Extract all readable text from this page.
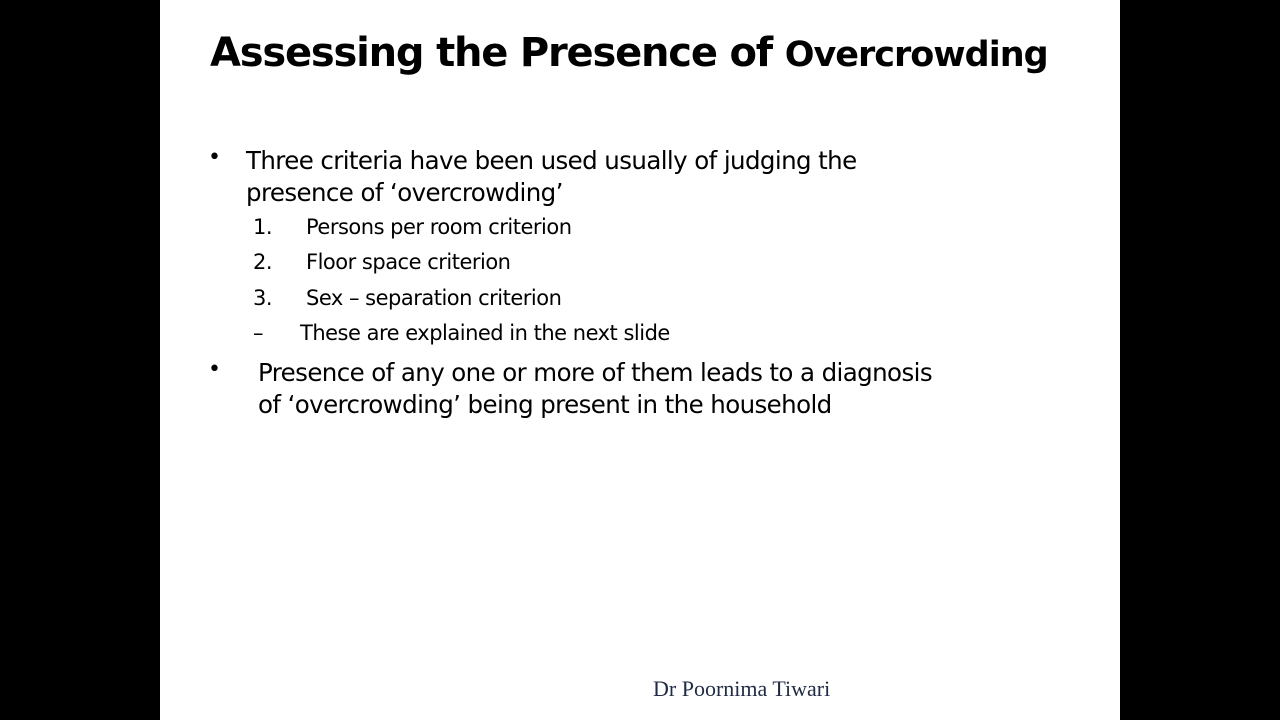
Assessing the Presence of Overcrowding
• Three criteria have been used usually of judging the
presence of ‘overcrowding’
1. Persons per room criterion
2. Floor space criterion
3. Sex – separation criterion
– These are explained in the next slide
• Presence of any one or more of them leads to a diagnosis
of ‘overcrowding’ being present in the household
Dr Poornima Tiwari
